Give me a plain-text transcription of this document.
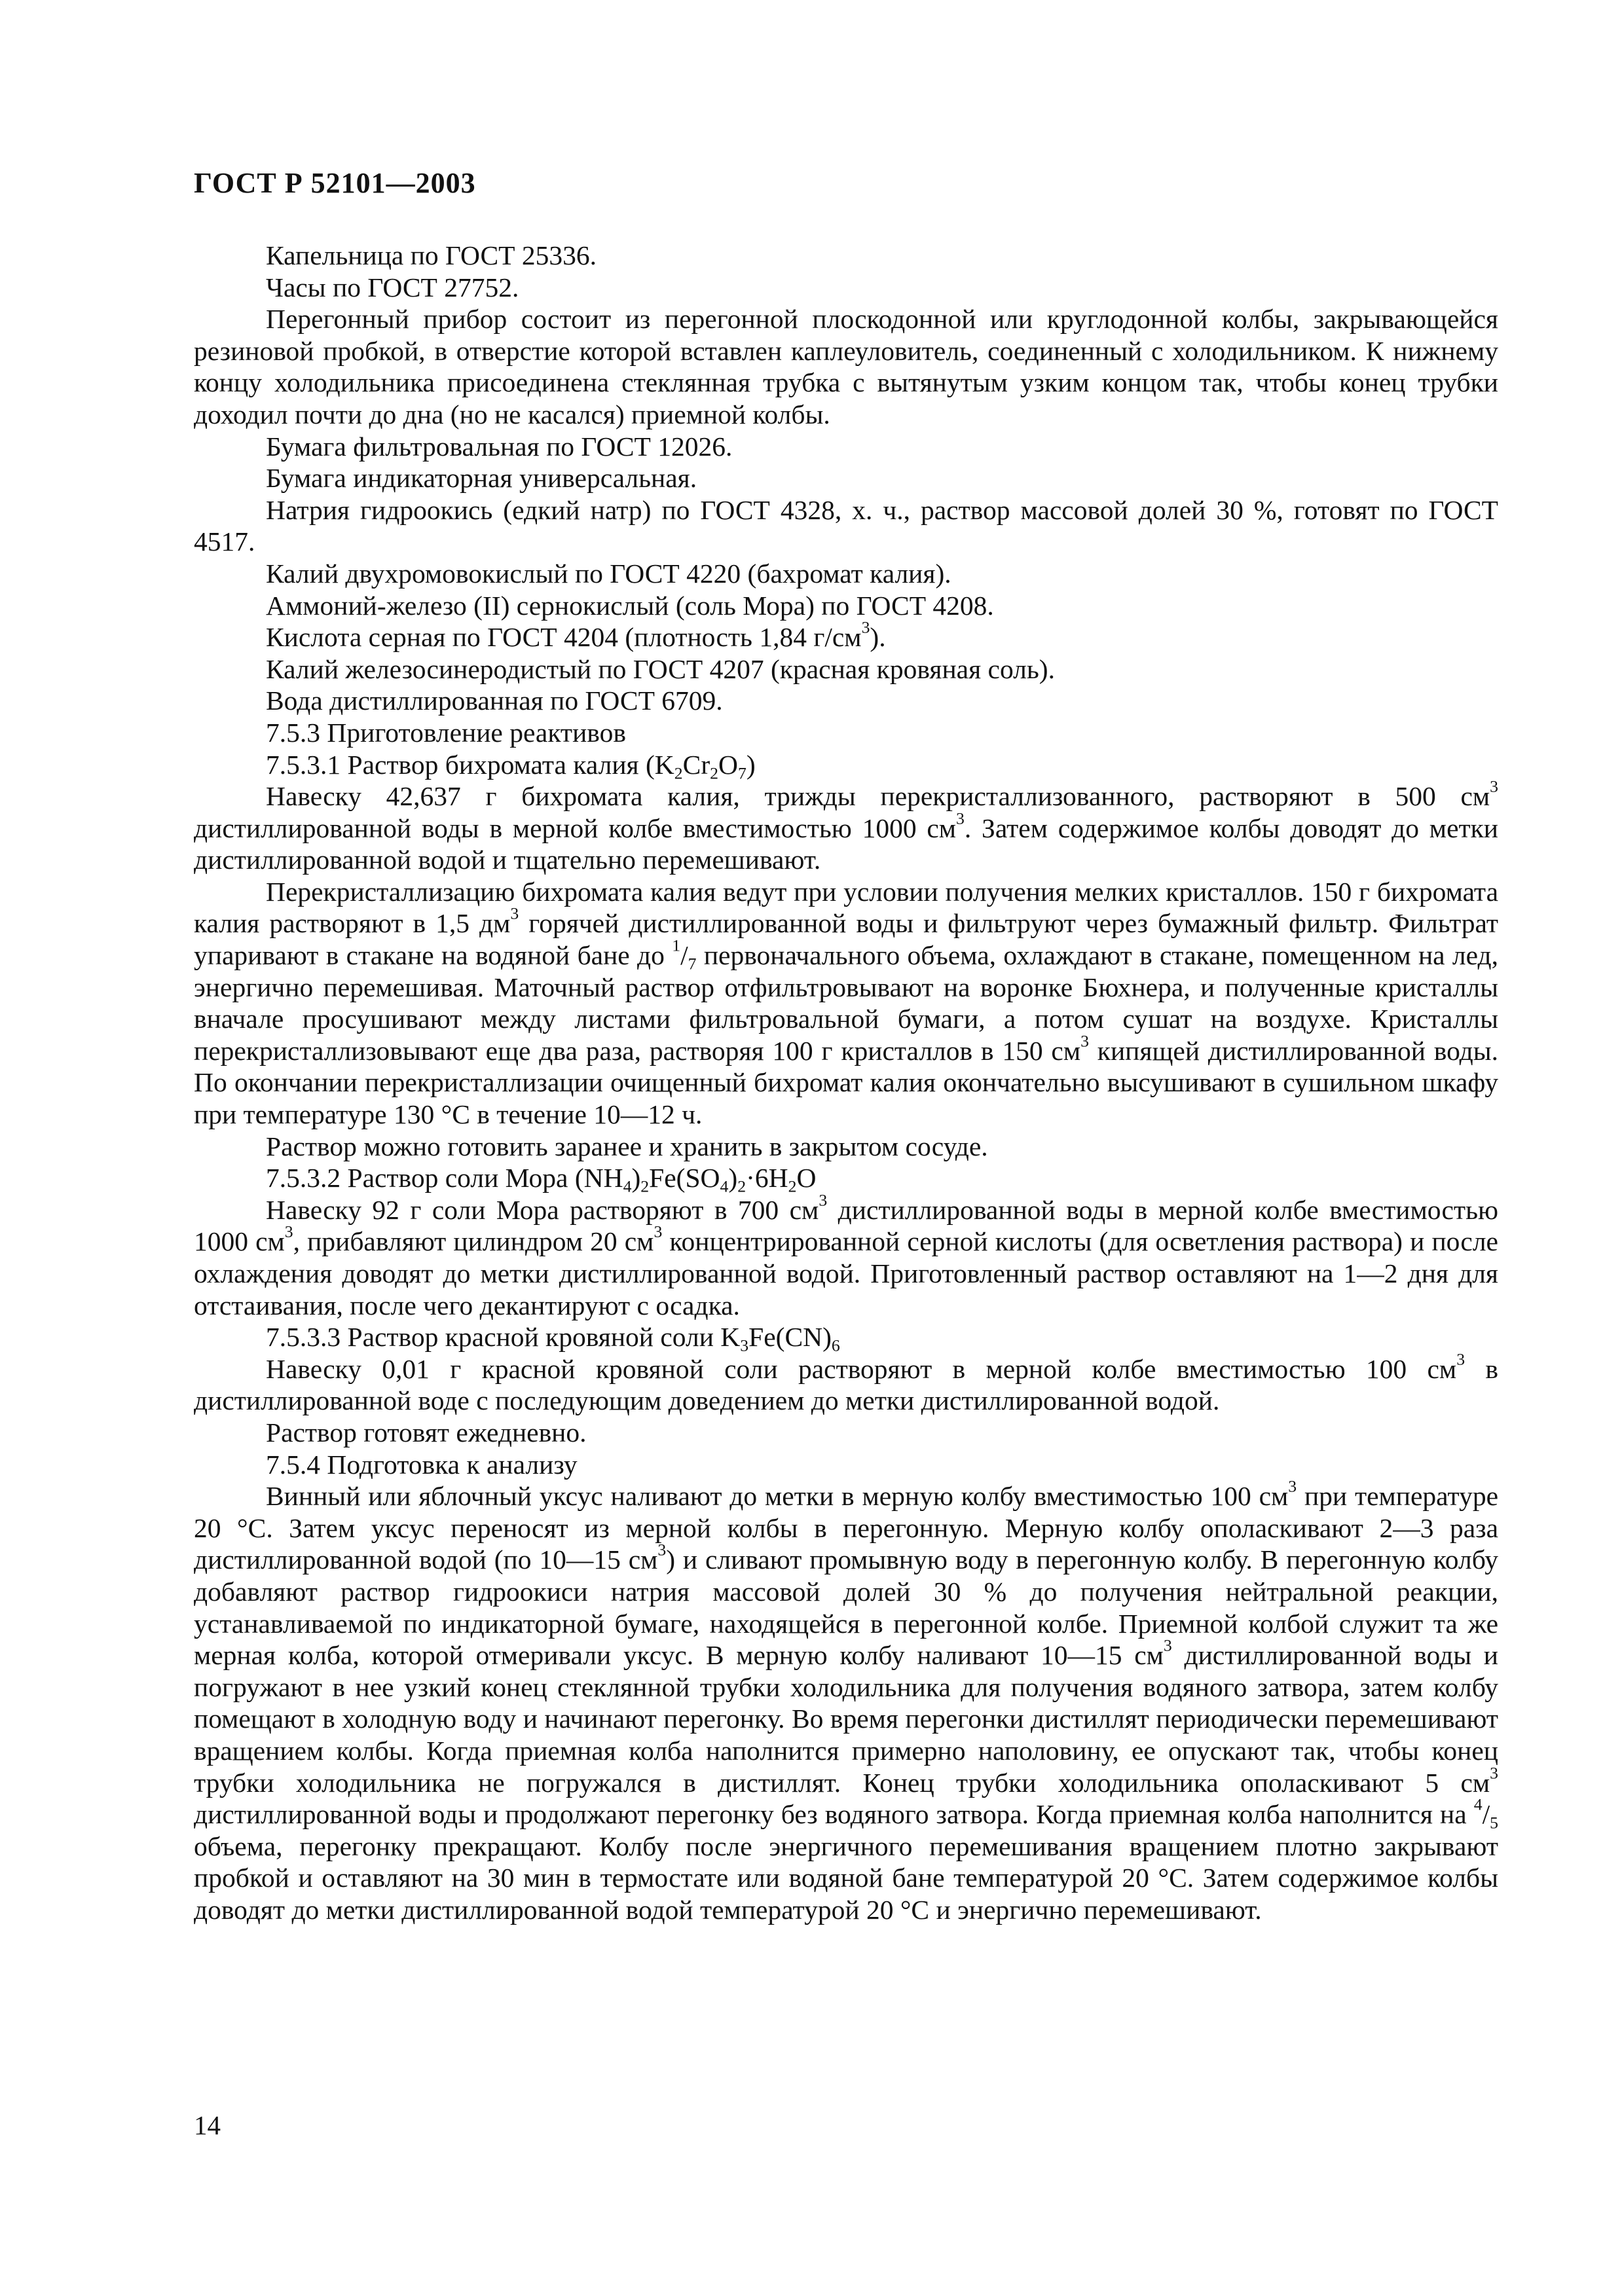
ГОСТ Р 52101—2003

Капельница по ГОСТ 25336.

Часы по ГОСТ 27752.

Перегонный прибор состоит из перегонной плоскодонной или круглодонной колбы, закрывающейся резиновой пробкой, в отверстие которой вставлен каплеуловитель, соединенный с холодильником. К нижнему концу холодильника присоединена стеклянная трубка с вытянутым узким концом так, чтобы конец трубки доходил почти до дна (но не касался) приемной колбы.

Бумага фильтровальная по ГОСТ 12026.

Бумага индикаторная универсальная.

Натрия гидроокись (едкий натр) по ГОСТ 4328, х. ч., раствор массовой долей 30 %, готовят по ГОСТ 4517.

Калий двухромовокислый по ГОСТ 4220 (бахромат калия).

Аммоний-железо (II) сернокислый (соль Мора) по ГОСТ 4208.

Кислота серная по ГОСТ 4204 (плотность 1,84 $г/см^3$).

Калий железосинеродистый по ГОСТ 4207 (красная кровяная соль).

Вода дистиллированная по ГОСТ 6709.

7.5.3 Приготовление реактивов

7.5.3.1 Раствор бихромата калия $(K_2Cr_2O_7)$

Навеску 42,637 г бихромата калия, трижды перекристаллизованного, растворяют в 500 $см^3$ дистиллированной воды в мерной колбе вместимостью 1000 $см^3$. Затем содержимое колбы доводят до метки дистиллированной водой и тщательно перемешивают.

Перекристаллизацию бихромата калия ведут при условии получения мелких кристаллов. 150 г бихромата калия растворяют в 1,5 $дм^3$ горячей дистиллированной воды и фильтруют через бумажный фильтр. Фильтрат упаривают в стакане на водяной бане до $^1/_7$ первоначального объема, охлаждают в стакане, помещенном на лед, энергично перемешивая. Маточный раствор отфильтровывают на воронке Бюхнера, и полученные кристаллы вначале просушивают между листами фильтровальной бумаги, а потом сушат на воздухе. Кристаллы перекристаллизовывают еще два раза, растворяя 100 г кристаллов в 150 $см^3$ кипящей дистиллированной воды. По окончании перекристаллизации очищенный бихромат калия окончательно высушивают в сушильном шкафу при температуре 130 °С в течение 10—12 ч.

Раствор можно готовить заранее и хранить в закрытом сосуде.

7.5.3.2 Раствор соли Мора $(NH_4)_2Fe(SO_4)_2\cdot 6H_2O$

Навеску 92 г соли Мора растворяют в 700 $см^3$ дистиллированной воды в мерной колбе вместимостью 1000 $см^3$, прибавляют цилиндром 20 $см^3$ концентрированной серной кислоты (для осветления раствора) и после охлаждения доводят до метки дистиллированной водой. Приготовленный раствор оставляют на 1—2 дня для отстаивания, после чего декантируют с осадка.

7.5.3.3 Раствор красной кровяной соли $K_3Fe(CN)_6$

Навеску 0,01 г красной кровяной соли растворяют в мерной колбе вместимостью 100 $см^3$ в дистиллированной воде с последующим доведением до метки дистиллированной водой.

Раствор готовят ежедневно.

7.5.4 Подготовка к анализу

Винный или яблочный уксус наливают до метки в мерную колбу вместимостью 100 $см^3$ при температуре 20 °С. Затем уксус переносят из мерной колбы в перегонную. Мерную колбу ополаскивают 2—3 раза дистиллированной водой (по 10—15 $см^3$) и сливают промывную воду в перегонную колбу. В перегонную колбу добавляют раствор гидроокиси натрия массовой долей 30 % до получения нейтральной реакции, устанавливаемой по индикаторной бумаге, находящейся в перегонной колбе. Приемной колбой служит та же мерная колба, которой отмеривали уксус. В мерную колбу наливают 10—15 $см^3$ дистиллированной воды и погружают в нее узкий конец стеклянной трубки холодильника для получения водяного затвора, затем колбу помещают в холодную воду и начинают перегонку. Во время перегонки дистиллят периодически перемешивают вращением колбы. Когда приемная колба наполнится примерно наполовину, ее опускают так, чтобы конец трубки холодильника не погружался в дистиллят. Конец трубки холодильника ополаскивают 5 $см^3$ дистиллированной воды и продолжают перегонку без водяного затвора. Когда приемная колба наполнится на $^4/_5$ объема, перегонку прекращают. Колбу после энергичного перемешивания вращением плотно закрывают пробкой и оставляют на 30 мин в термостате или водяной бане температурой 20 °С. Затем содержимое колбы доводят до метки дистиллированной водой температурой 20 °С и энергично перемешивают.

14
